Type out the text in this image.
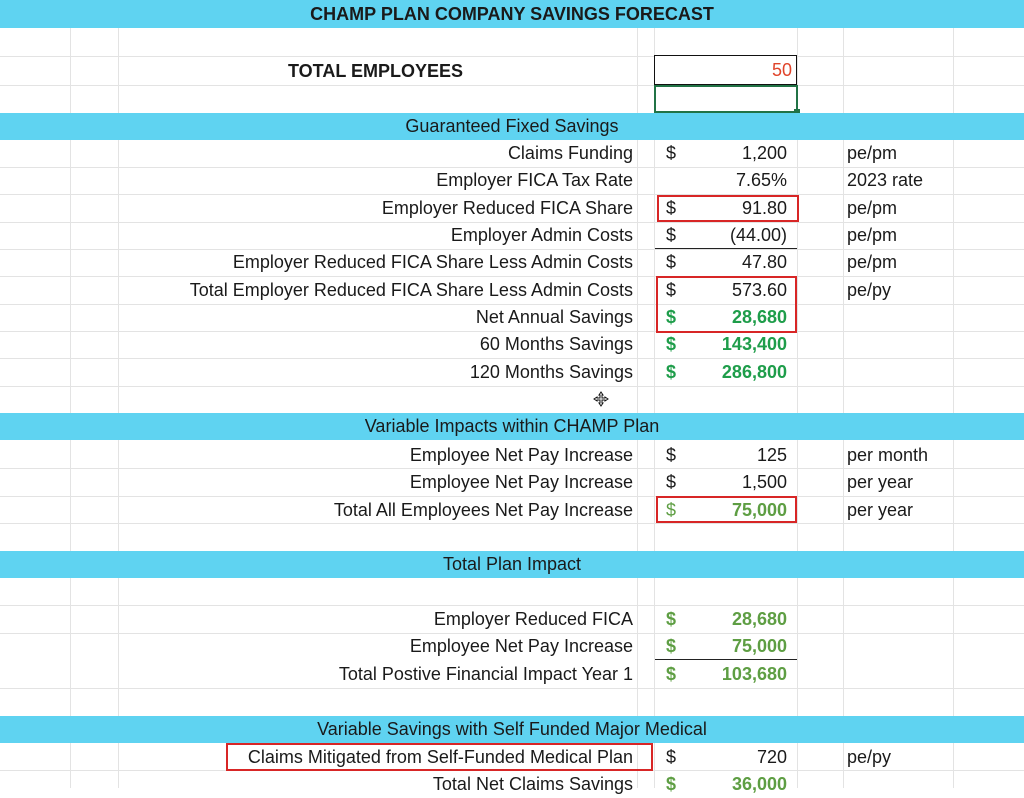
CHAMP PLAN COMPANY SAVINGS FORECAST
TOTAL EMPLOYEES	50
Guaranteed Fixed Savings
Claims Funding $	1,200	pe/pm
Employer FICA Tax Rate	7.65%	2023 rate
Employer Reduced FICA Share $	91.80	pe/pm
Employer Admin Costs $	(44.00)	pe/pm
Employer Reduced FICA Share Less Admin Costs $	47.80	pe/pm
Total Employer Reduced FICA Share Less Admin Costs $	573.60	pe/py
Net Annual Savings $	28,680
60 Months Savings $	143,400
120 Months Savings $	286,800
Variable Impacts within CHAMP Plan
Employee Net Pay Increase $	125	per month
Employee Net Pay Increase $	1,500	per year
Total All Employees Net Pay Increase $	75,000	per year
Total Plan Impact
Employer Reduced FICA $	28,680
Employee Net Pay Increase $	75,000
Total Postive Financial Impact Year 1 $	103,680
Variable Savings with Self Funded Major Medical
Claims Mitigated from Self-Funded Medical Plan $	720	pe/py
Total Net Claims Savings $	36,000
